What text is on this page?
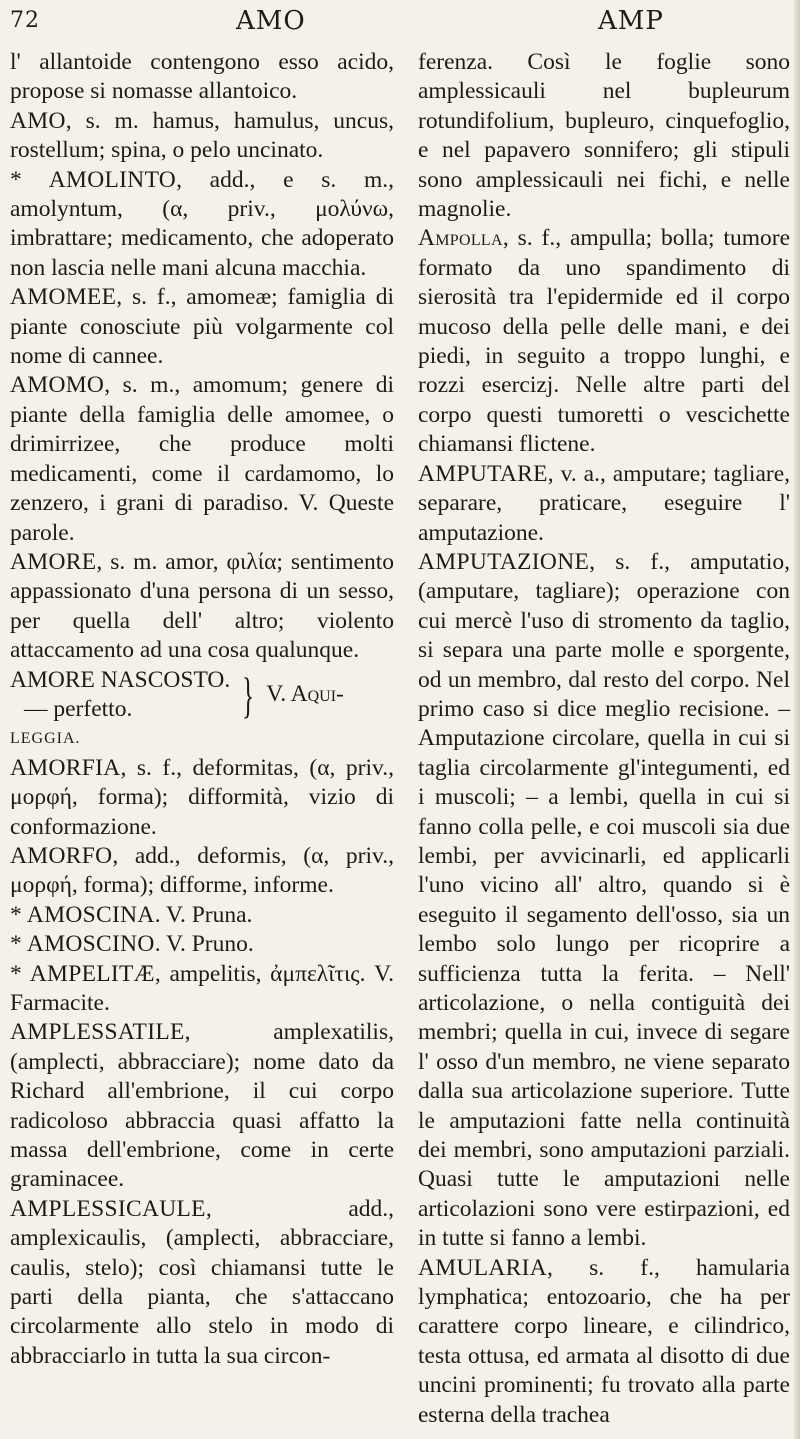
72	AMO	AMP

l' allantoide contengono esso acido, propose si nomasse allantoico.

AMO, s. m. hamus, hamulus, uncus, rostellum; spina, o pelo uncinato.

* AMOLINTO, add., e s. m., amolyntum, (α, priv., μολύνω, imbrattare; medicamento, che adoperato non lascia nelle mani alcuna macchia.

AMOMEE, s. f., amomeæ; famiglia di piante conosciute più volgarmente col nome di cannee.

AMOMO, s. m., amomum; genere di piante della famiglia delle amomee, o drimirrizee, che produce molti medicamenti, come il cardamomo, lo zenzero, i grani di paradiso. V. Queste parole.

AMORE, s. m. amor, φιλία; sentimento appassionato d'una persona di un sesso, per quella dell' altro; violento attaccamento ad una cosa qualunque.

AMORE NASCOSTO.
— perfetto.	} V. Aqui-

LEGGIA.

AMORFIA, s. f., deformitas, (α, priv., μορφή, forma); difformità, vizio di conformazione.

AMORFO, add., deformis, (α, priv., μορφή, forma); difforme, informe.

* AMOSCINA. V. Pruna.

* AMOSCINO. V. Pruno.

* AMPELITÆ, ampelitis, ἀμπελῖτις. V. Farmacite.

AMPLESSATILE, amplexatilis, (amplecti, abbracciare); nome dato da Richard all'embrione, il cui corpo radicoloso abbraccia quasi affatto la massa dell'embrione, come in certe graminacee.

AMPLESSICAULE, add., amplexicaulis, (amplecti, abbracciare, caulis, stelo); così chiamansi tutte le parti della pianta, che s'attaccano circolarmente allo stelo in modo di abbracciarlo in tutta la sua circon-

ferenza. Così le foglie sono amplessicauli nel bupleurum rotundifolium, bupleuro, cinquefoglio, e nel papavero sonnifero; gli stipuli sono amplessicauli nei fichi, e nelle magnolie.

Ampolla, s. f., ampulla; bolla; tumore formato da uno spandimento di sierosità tra l'epidermide ed il corpo mucoso della pelle delle mani, e dei piedi, in seguito a troppo lunghi, e rozzi esercizj. Nelle altre parti del corpo questi tumoretti o vescichette chiamansi flictene.

AMPUTARE, v. a., amputare; tagliare, separare, praticare, eseguire l' amputazione.

AMPUTAZIONE, s. f., amputatio, (amputare, tagliare); operazione con cui mercè l'uso di stromento da taglio, si separa una parte molle e sporgente, od un membro, dal resto del corpo. Nel primo caso si dice meglio recisione. – Amputazione circolare, quella in cui si taglia circolarmente gl'integumenti, ed i muscoli; – a lembi, quella in cui si fanno colla pelle, e coi muscoli sia due lembi, per avvicinarli, ed applicarli l'uno vicino all' altro, quando si è eseguito il segamento dell'osso, sia un lembo solo lungo per ricoprire a sufficienza tutta la ferita. – Nell' articolazione, o nella contiguità dei membri; quella in cui, invece di segare l' osso d'un membro, ne viene separato dalla sua articolazione superiore. Tutte le amputazioni fatte nella continuità dei membri, sono amputazioni parziali. Quasi tutte le amputazioni nelle articolazioni sono vere estirpazioni, ed in tutte si fanno a lembi.

AMULARIA, s. f., hamularia lymphatica; entozoario, che ha per carattere corpo lineare, e cilindrico, testa ottusa, ed armata al disotto di due uncini prominenti; fu trovato alla parte esterna della trachea
